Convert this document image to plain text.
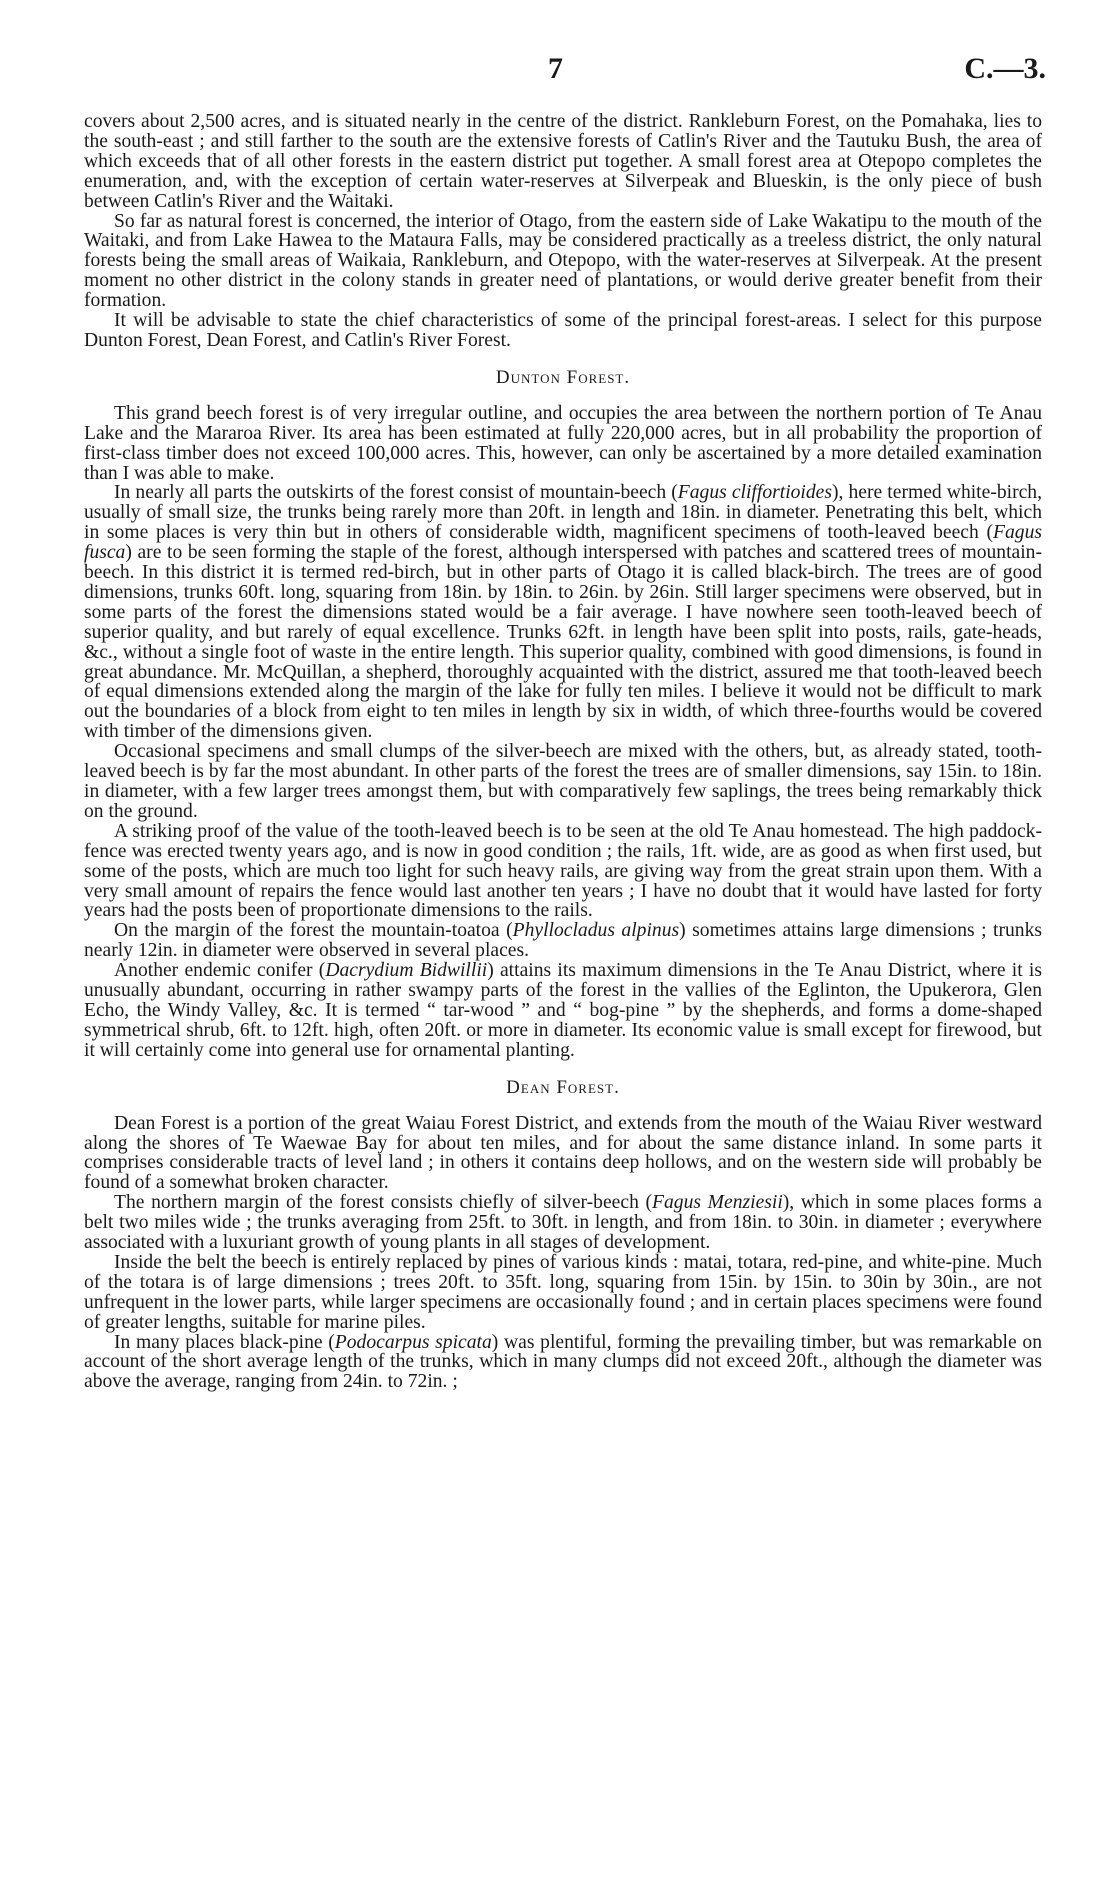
7	C.—3.

covers about 2,500 acres, and is situated nearly in the centre of the district. Rankleburn Forest, on the Pomahaka, lies to the south-east ; and still farther to the south are the extensive forests of Catlin's River and the Tautuku Bush, the area of which exceeds that of all other forests in the eastern district put together. A small forest area at Otepopo completes the enumeration, and, with the exception of certain water-reserves at Silverpeak and Blueskin, is the only piece of bush between Catlin's River and the Waitaki.

So far as natural forest is concerned, the interior of Otago, from the eastern side of Lake Wakatipu to the mouth of the Waitaki, and from Lake Hawea to the Mataura Falls, may be considered practically as a treeless district, the only natural forests being the small areas of Waikaia, Rankleburn, and Otepopo, with the water-reserves at Silverpeak. At the present moment no other district in the colony stands in greater need of plantations, or would derive greater benefit from their formation.

It will be advisable to state the chief characteristics of some of the principal forest-areas. I select for this purpose Dunton Forest, Dean Forest, and Catlin's River Forest.

Dunton Forest.

This grand beech forest is of very irregular outline, and occupies the area between the northern portion of Te Anau Lake and the Mararoa River. Its area has been estimated at fully 220,000 acres, but in all probability the proportion of first-class timber does not exceed 100,000 acres. This, however, can only be ascertained by a more detailed examination than I was able to make.

In nearly all parts the outskirts of the forest consist of mountain-beech (Fagus cliffortioides), here termed white-birch, usually of small size, the trunks being rarely more than 20ft. in length and 18in. in diameter. Penetrating this belt, which in some places is very thin but in others of considerable width, magnificent specimens of tooth-leaved beech (Fagus fusca) are to be seen forming the staple of the forest, although interspersed with patches and scattered trees of mountain-beech. In this district it is termed red-birch, but in other parts of Otago it is called black-birch. The trees are of good dimensions, trunks 60ft. long, squaring from 18in. by 18in. to 26in. by 26in. Still larger specimens were observed, but in some parts of the forest the dimensions stated would be a fair average. I have nowhere seen tooth-leaved beech of superior quality, and but rarely of equal excellence. Trunks 62ft. in length have been split into posts, rails, gate-heads, &c., without a single foot of waste in the entire length. This superior quality, combined with good dimensions, is found in great abundance. Mr. McQuillan, a shepherd, thoroughly acquainted with the district, assured me that tooth-leaved beech of equal dimensions extended along the margin of the lake for fully ten miles. I believe it would not be difficult to mark out the boundaries of a block from eight to ten miles in length by six in width, of which three-fourths would be covered with timber of the dimensions given.

Occasional specimens and small clumps of the silver-beech are mixed with the others, but, as already stated, tooth-leaved beech is by far the most abundant. In other parts of the forest the trees are of smaller dimensions, say 15in. to 18in. in diameter, with a few larger trees amongst them, but with comparatively few saplings, the trees being remarkably thick on the ground.

A striking proof of the value of the tooth-leaved beech is to be seen at the old Te Anau homestead. The high paddock-fence was erected twenty years ago, and is now in good condition ; the rails, 1ft. wide, are as good as when first used, but some of the posts, which are much too light for such heavy rails, are giving way from the great strain upon them. With a very small amount of repairs the fence would last another ten years ; I have no doubt that it would have lasted for forty years had the posts been of proportionate dimensions to the rails.

On the margin of the forest the mountain-toatoa (Phyllocladus alpinus) sometimes attains large dimensions ; trunks nearly 12in. in diameter were observed in several places.

Another endemic conifer (Dacrydium Bidwillii) attains its maximum dimensions in the Te Anau District, where it is unusually abundant, occurring in rather swampy parts of the forest in the vallies of the Eglinton, the Upukerora, Glen Echo, the Windy Valley, &c. It is termed “ tar-wood ” and “ bog-pine ” by the shepherds, and forms a dome-shaped symmetrical shrub, 6ft. to 12ft. high, often 20ft. or more in diameter. Its economic value is small except for firewood, but it will certainly come into general use for ornamental planting.

Dean Forest.

Dean Forest is a portion of the great Waiau Forest District, and extends from the mouth of the Waiau River westward along the shores of Te Waewae Bay for about ten miles, and for about the same distance inland. In some parts it comprises considerable tracts of level land ; in others it contains deep hollows, and on the western side will probably be found of a somewhat broken character.

The northern margin of the forest consists chiefly of silver-beech (Fagus Menziesii), which in some places forms a belt two miles wide ; the trunks averaging from 25ft. to 30ft. in length, and from 18in. to 30in. in diameter ; everywhere associated with a luxuriant growth of young plants in all stages of development.

Inside the belt the beech is entirely replaced by pines of various kinds : matai, totara, red-pine, and white-pine. Much of the totara is of large dimensions ; trees 20ft. to 35ft. long, squaring from 15in. by 15in. to 30in by 30in., are not unfrequent in the lower parts, while larger specimens are occasionally found ; and in certain places specimens were found of greater lengths, suitable for marine piles.

In many places black-pine (Podocarpus spicata) was plentiful, forming the prevailing timber, but was remarkable on account of the short average length of the trunks, which in many clumps did not exceed 20ft., although the diameter was above the average, ranging from 24in. to 72in. ;
